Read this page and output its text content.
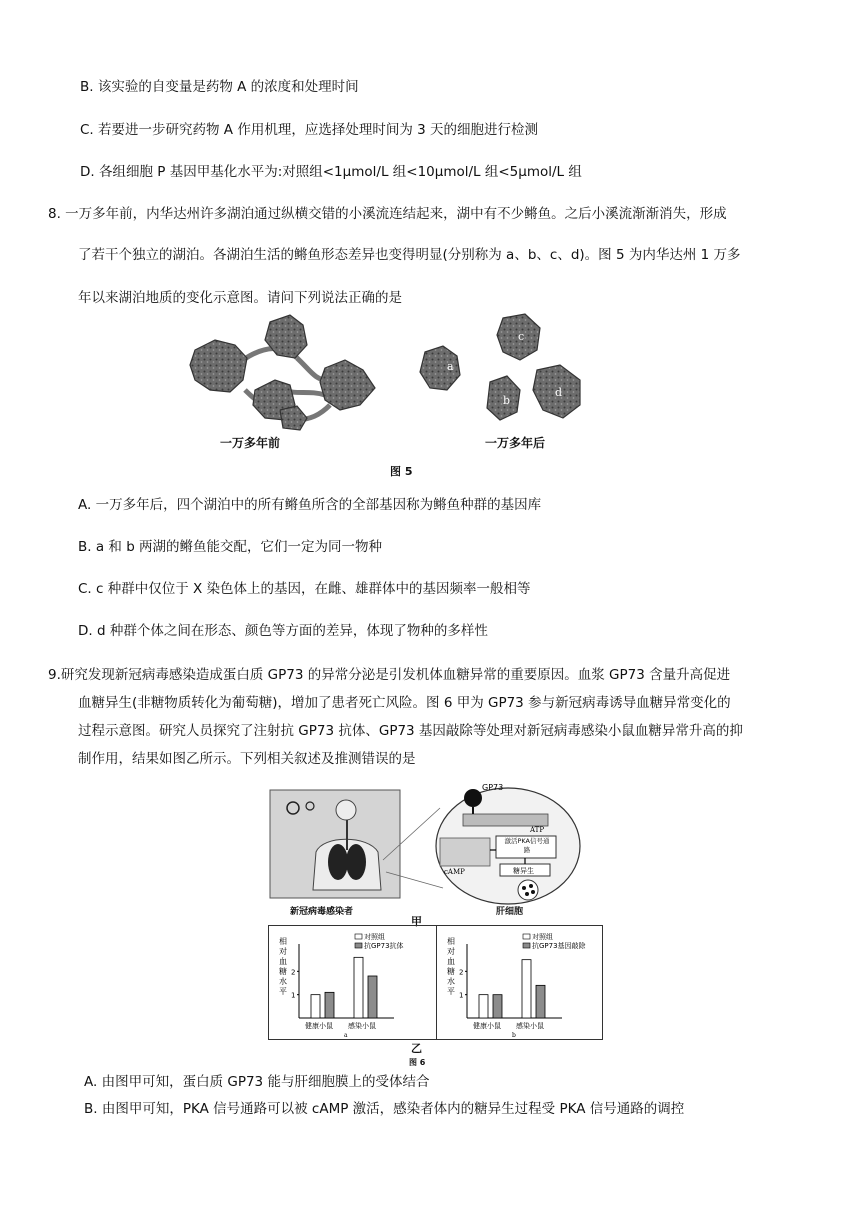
B. 该实验的自变量是药物 A 的浓度和处理时间
C. 若要进一步研究药物 A 作用机理，应选择处理时间为 3 天的细胞进行检测
D. 各组细胞 P 基因甲基化水平为:对照组<1μmol/L 组<10μmol/L 组<5μmol/L 组
8. 一万多年前，内华达州许多湖泊通过纵横交错的小溪流连结起来，湖中有不少鳉鱼。之后小溪流渐渐消失，形成
了若干个独立的湖泊。各湖泊生活的鳉鱼形态差异也变得明显(分别称为 a、b、c、d)。图 5 为内华达州 1 万多
年以来湖泊地质的变化示意图。请问下列说法正确的是
a
b
c
d
一万多年前	一万多年后
图 5
A. 一万多年后，四个湖泊中的所有鳉鱼所含的全部基因称为鳉鱼种群的基因库
B. a 和 b 两湖的鳉鱼能交配，它们一定为同一物种
C. c 种群中仅位于 X 染色体上的基因，在雌、雄群体中的基因频率一般相等
D. d 种群个体之间在形态、颜色等方面的差异，体现了物种的多样性
9.研究发现新冠病毒感染造成蛋白质 GP73 的异常分泌是引发机体血糖异常的重要原因。血浆 GP73 含量升高促进
血糖异生(非糖物质转化为葡萄糖)，增加了患者死亡风险。图 6 甲为 GP73 参与新冠病毒诱导血糖异常变化的
过程示意图。研究人员探究了注射抗 GP73 抗体、GP73 基因敲除等处理对新冠病毒感染小鼠血糖异常升高的抑
制作用，结果如图乙所示。下列相关叙述及推测错误的是
GP73
ATP
cAMP
激活PKA信号通路
糖异生
新冠病毒感染者	肝细胞
甲
相
对
血
糖
水
平 1
2
健康小鼠 感染小鼠
对照组
抗GP73抗体
a
相
对
血
糖
水
平 1
2
健康小鼠 感染小鼠
对照组
抗GP73基因敲除
b
乙
图 6
A. 由图甲可知，蛋白质 GP73 能与肝细胞膜上的受体结合
B. 由图甲可知，PKA 信号通路可以被 cAMP 激活，感染者体内的糖异生过程受 PKA 信号通路的调控
